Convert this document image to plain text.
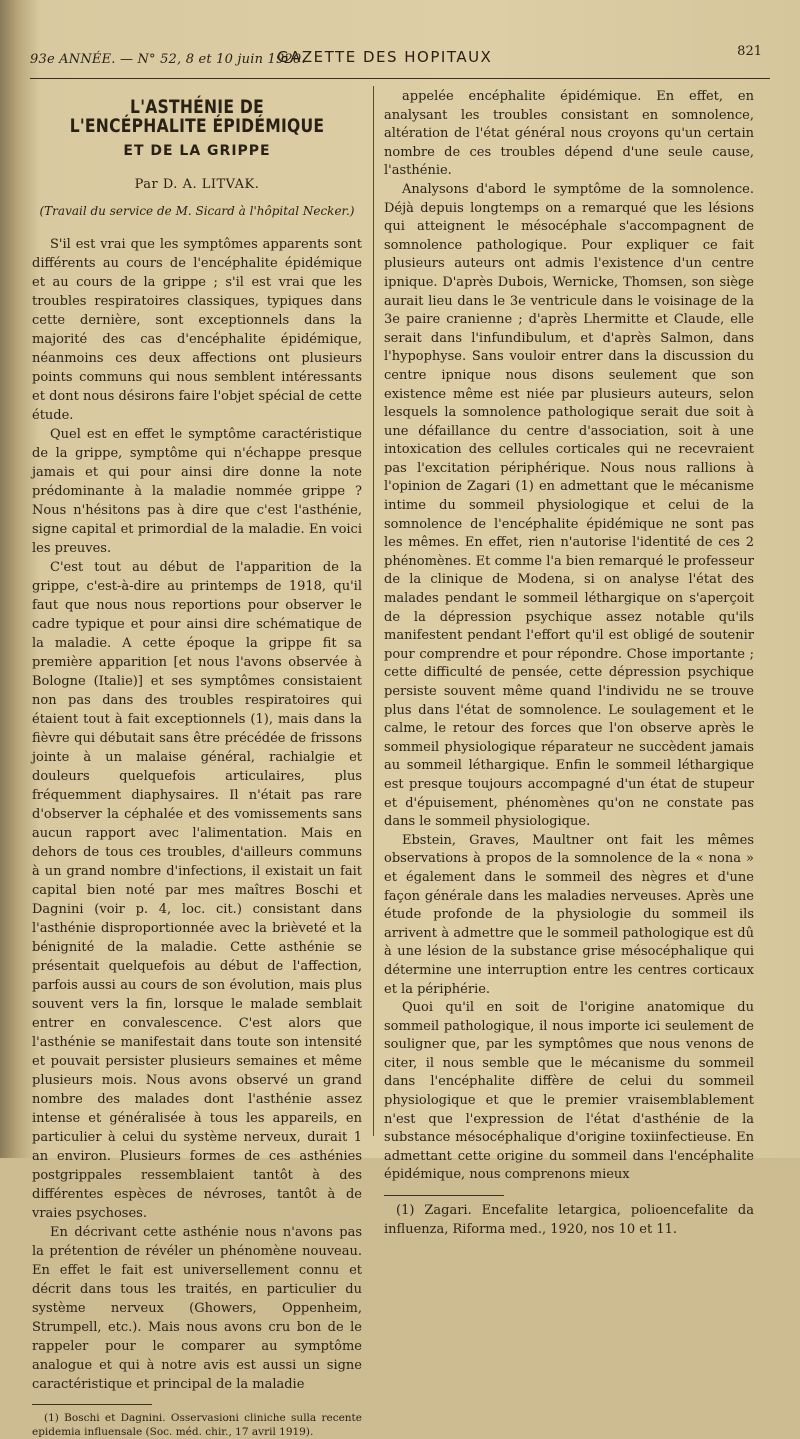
93e ANNÉE. — N° 52, 8 et 10 juin 1920.
GAZETTE DES HOPITAUX	821
L'ASTHÉNIE DE L'ENCÉPHALITE ÉPIDÉMIQUE
ET DE LA GRIPPE
Par D. A. LITVAK.
(Travail du service de M. Sicard à l'hôpital Necker.)

S'il est vrai que les symptômes apparents sont différents au cours de l'encéphalite épidémique et au cours de la grippe ; s'il est vrai que les troubles respiratoires classiques, typiques dans cette dernière, sont exceptionnels dans la majorité des cas d'encéphalite épidémique, néanmoins ces deux affections ont plusieurs points communs qui nous semblent intéressants et dont nous désirons faire l'objet spécial de cette étude.

Quel est en effet le symptôme caractéristique de la grippe, symptôme qui n'échappe presque jamais et qui pour ainsi dire donne la note prédominante à la maladie nommée grippe ? Nous n'hésitons pas à dire que c'est l'asthénie, signe capital et primordial de la maladie. En voici les preuves.

C'est tout au début de l'apparition de la grippe, c'est-à-dire au printemps de 1918, qu'il faut que nous nous reportions pour observer le cadre typique et pour ainsi dire schématique de la maladie. A cette époque la grippe fit sa première apparition [et nous l'avons observée à Bologne (Italie)] et ses symptômes consistaient non pas dans des troubles respiratoires qui étaient tout à fait exceptionnels (1), mais dans la fièvre qui débutait sans être précédée de frissons jointe à un malaise général, rachialgie et douleurs quelquefois articulaires, plus fréquemment diaphysaires. Il n'était pas rare d'observer la céphalée et des vomissements sans aucun rapport avec l'alimentation. Mais en dehors de tous ces troubles, d'ailleurs communs à un grand nombre d'infections, il existait un fait capital bien noté par mes maîtres Boschi et Dagnini (voir p. 4, loc. cit.) consistant dans l'asthénie disproportionnée avec la brièveté et la bénignité de la maladie. Cette asthénie se présentait quelquefois au début de l'affection, parfois aussi au cours de son évolution, mais plus souvent vers la fin, lorsque le malade semblait entrer en convalescence. C'est alors que l'asthénie se manifestait dans toute son intensité et pouvait persister plusieurs semaines et même plusieurs mois. Nous avons observé un grand nombre des malades dont l'asthénie assez intense et généralisée à tous les appareils, en particulier à celui du système nerveux, durait 1 an environ. Plusieurs formes de ces asthénies postgrippales ressemblaient tantôt à des différentes espèces de névroses, tantôt à de vraies psychoses.

En décrivant cette asthénie nous n'avons pas la prétention de révéler un phénomène nouveau. En effet le fait est universellement connu et décrit dans tous les traités, en particulier du système nerveux (Ghowers, Oppenheim, Strumpell, etc.). Mais nous avons cru bon de le rappeler pour le comparer au symptôme analogue et qui à notre avis est aussi un signe caractéristique et principal de la maladie

(1) Boschi et Dagnini. Osservasioni cliniche sulla recente epidemia influensale (Soc. méd. chir., 17 avril 1919).

appelée encéphalite épidémique. En effet, en analysant les troubles consistant en somnolence, altération de l'état général nous croyons qu'un certain nombre de ces troubles dépend d'une seule cause, l'asthénie.

Analysons d'abord le symptôme de la somnolence. Déjà depuis longtemps on a remarqué que les lésions qui atteignent le mésocéphale s'accompagnent de somnolence pathologique. Pour expliquer ce fait plusieurs auteurs ont admis l'existence d'un centre ipnique. D'après Dubois, Wernicke, Thomsen, son siège aurait lieu dans le 3e ventricule dans le voisinage de la 3e paire cranienne ; d'après Lhermitte et Claude, elle serait dans l'infundibulum, et d'après Salmon, dans l'hypophyse. Sans vouloir entrer dans la discussion du centre ipnique nous disons seulement que son existence même est niée par plusieurs auteurs, selon lesquels la somnolence pathologique serait due soit à une défaillance du centre d'association, soit à une intoxication des cellules corticales qui ne recevraient pas l'excitation périphérique. Nous nous rallions à l'opinion de Zagari (1) en admettant que le mécanisme intime du sommeil physiologique et celui de la somnolence de l'encéphalite épidémique ne sont pas les mêmes. En effet, rien n'autorise l'identité de ces 2 phénomènes. Et comme l'a bien remarqué le professeur de la clinique de Modena, si on analyse l'état des malades pendant le sommeil léthargique on s'aperçoit de la dépression psychique assez notable qu'ils manifestent pendant l'effort qu'il est obligé de soutenir pour comprendre et pour répondre. Chose importante ; cette difficulté de pensée, cette dépression psychique persiste souvent même quand l'individu ne se trouve plus dans l'état de somnolence. Le soulagement et le calme, le retour des forces que l'on observe après le sommeil physiologique réparateur ne succèdent jamais au sommeil léthargique. Enfin le sommeil léthargique est presque toujours accompagné d'un état de stupeur et d'épuisement, phénomènes qu'on ne constate pas dans le sommeil physiologique.

Ebstein, Graves, Maultner ont fait les mêmes observations à propos de la somnolence de la « nona » et également dans le sommeil des nègres et d'une façon générale dans les maladies nerveuses. Après une étude profonde de la physiologie du sommeil ils arrivent à admettre que le sommeil pathologique est dû à une lésion de la substance grise mésocéphalique qui détermine une interruption entre les centres corticaux et la périphérie.

Quoi qu'il en soit de l'origine anatomique du sommeil pathologique, il nous importe ici seulement de souligner que, par les symptômes que nous venons de citer, il nous semble que le mécanisme du sommeil dans l'encéphalite diffère de celui du sommeil physiologique et que le premier vraisemblablement n'est que l'expression de l'état d'asthénie de la substance mésocéphalique d'origine toxiinfectieuse. En admettant cette origine du sommeil dans l'encéphalite épidémique, nous comprenons mieux

(1) Zagari. Encefalite letargica, polioencefalite da influenza, Riforma med., 1920, nos 10 et 11.
